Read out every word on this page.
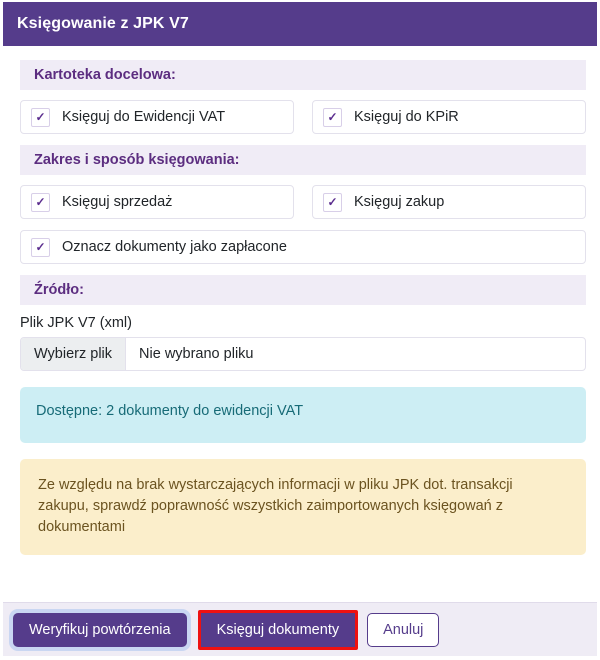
Księgowanie z JPK V7
Kartoteka docelowa:
✓ Księguj do Ewidencji VAT	✓ Księguj do KPiR
Zakres i sposób księgowania:
✓ Księguj sprzedaż	✓ Księguj zakup
✓ Oznacz dokumenty jako zapłacone
Źródło:
Plik JPK V7 (xml)
Wybierz plik	Nie wybrano pliku
Dostępne: 2 dokumenty do ewidencji VAT
Ze względu na brak wystarczających informacji w pliku JPK dot. transakcji zakupu, sprawdź poprawność wszystkich zaimportowanych księgowań z dokumentami
Weryfikuj powtórzenia	Księguj dokumenty	Anuluj
